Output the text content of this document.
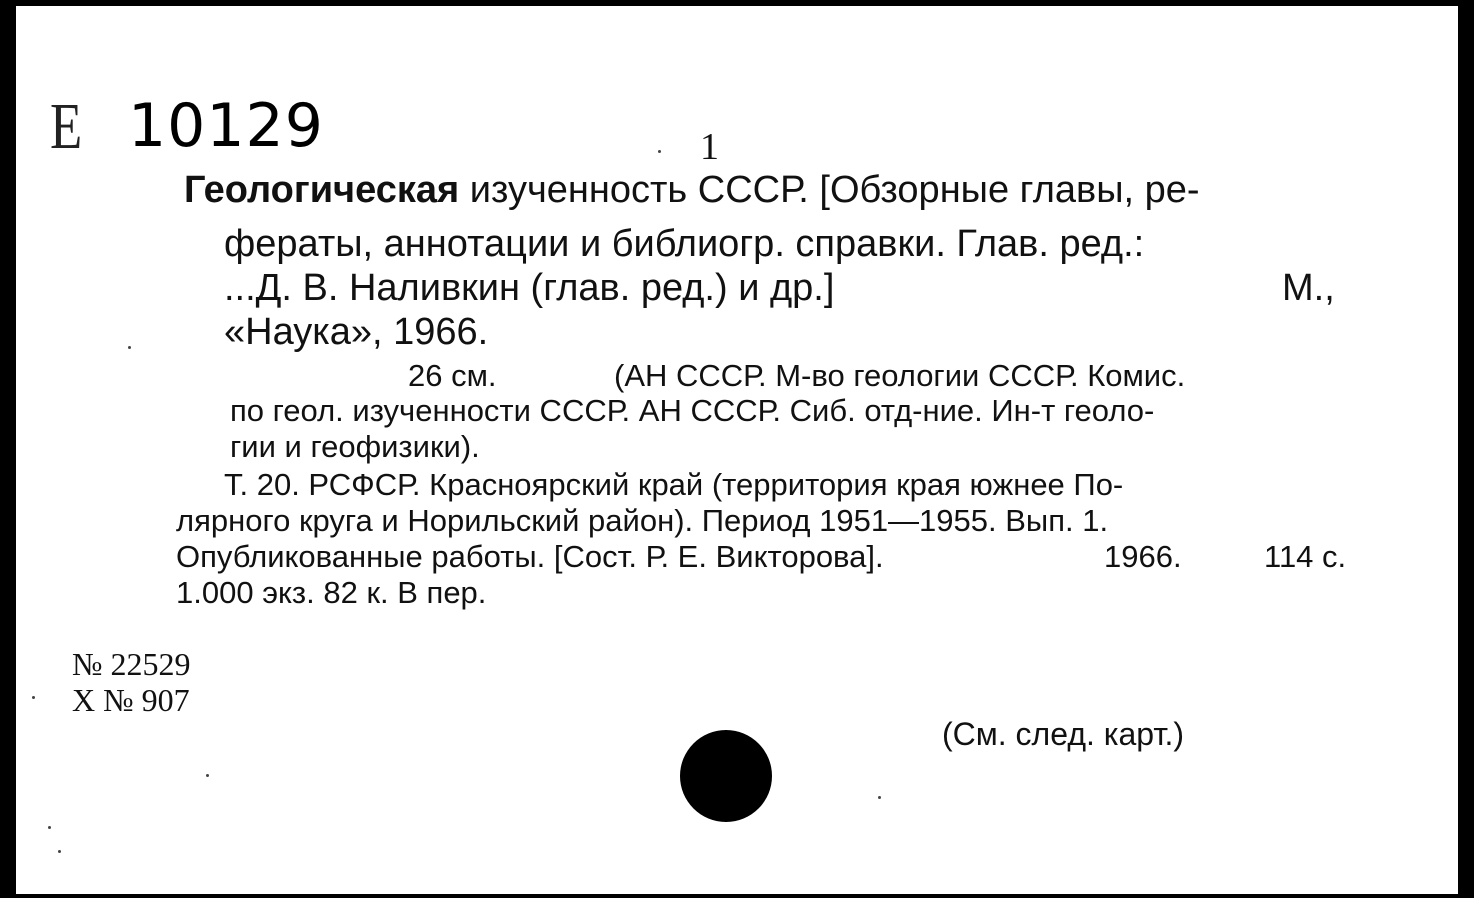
Е 10129	1
Геологическая изученность СССР. [Обзорные главы, ре-
фераты, аннотации и библиогр. справки. Глав. ред.:
...Д. В. Наливкин (глав. ред.) и др.]	М.,
«Наука», 1966.
26 см.	(АН СССР. М-во геологии СССР. Комис.
по геол. изученности СССР. АН СССР. Сиб. отд-ние. Ин-т геоло-
гии и геофизики).
Т. 20. РСФСР. Красноярский край (территория края южнее По-
лярного круга и Норильский район). Период 1951—1955. Вып. 1.
Опубликованные работы. [Сост. Р. Е. Викторова].	1966.	114 с.
1.000 экз. 82 к. В пер.
№ 22529
Х № 907
(См. след. карт.)
